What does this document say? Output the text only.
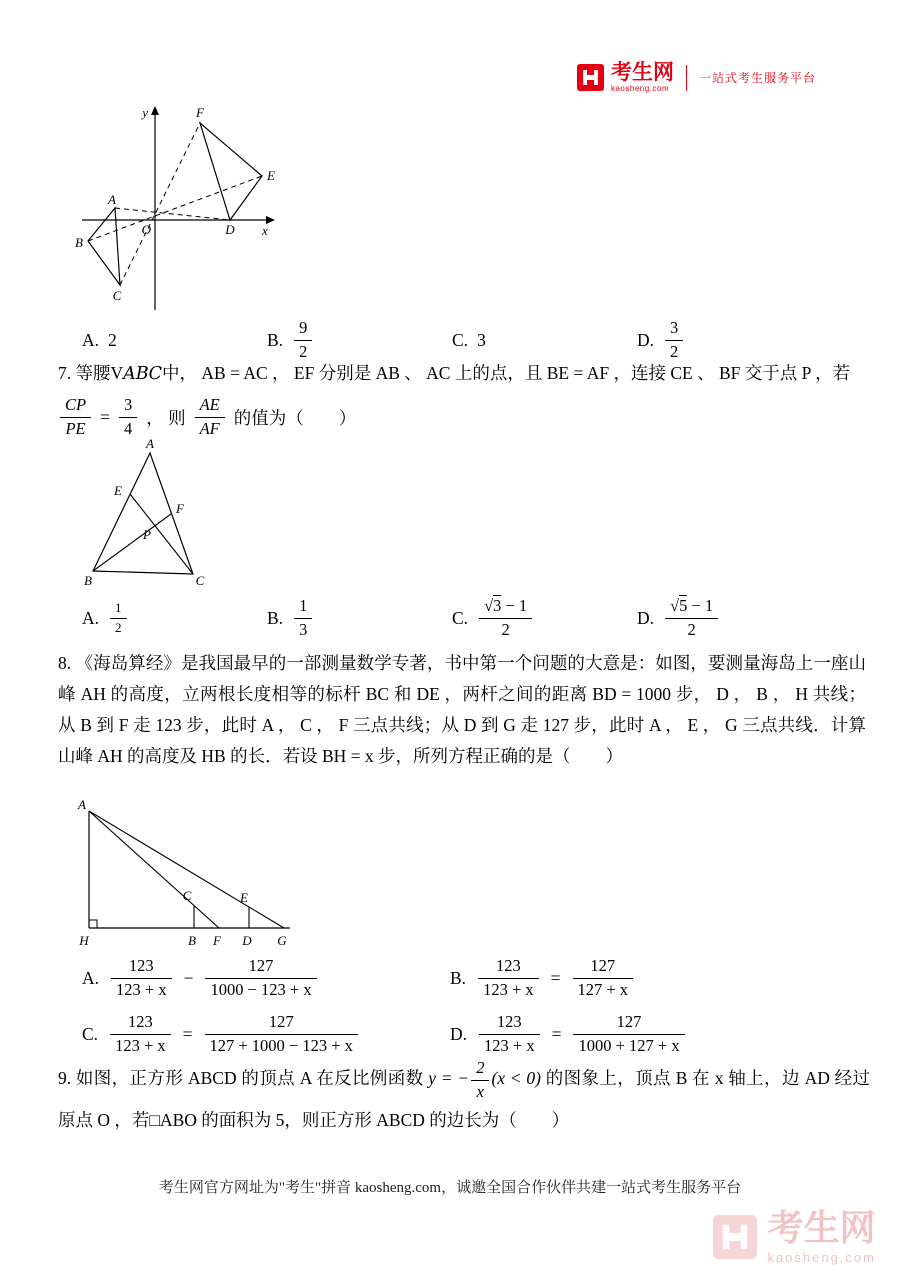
考生网
kaosheng.com
一站式考生服务平台
y
x
O
F
E
D
A
B
C
A. 2	B. $\frac{9}{2}$	C. 3	D. $\frac{3}{2}$

7. 等腰V𝐴𝐵𝐶中， AB = AC ， EF 分别是 AB 、 AC 上的点，且 BE = AF ，连接 CE 、 BF 交于点 P ，若

$\frac{CP}{PE} = \frac{3}{4}$ ， 则 $\frac{AE}{AF}$ 的值为（　　）
A
E
F
P
B	C
A. $\frac{1}{2}$	B. $\frac{1}{3}$	C. $\frac{√3 - 1}{2}$	D. $\frac{√5 - 1}{2}$

8. 《海岛算经》是我国最早的一部测量数学专著，书中第一个问题的大意是：如图，要测量海岛上一座山峰 AH 的高度，立两根长度相等的标杆 BC 和 DE ，两杆之间的距离 BD = 1000 步， D ， B ， H 共线；从 B 到 F 走 123 步，此时 A ， C ， F 三点共线；从 D 到 G 走 127 步，此时 A ， E ， G 三点共线．计算山峰 AH 的高度及 HB 的长．若设 BH = x 步，所列方程正确的是（　　）

A
H	B F D G
C	E
A. $\frac{123}{123 + x} - \frac{127}{1000 - 123 + x}$	B. $\frac{123}{123 + x} = \frac{127}{127 + x}$
C. $\frac{123}{123 + x} = \frac{127}{127 + 1000 - 123 + x}$	D. $\frac{123}{123 + x} = \frac{127}{1000 + 127 + x}$

9. 如图，正方形 ABCD 的顶点 A 在反比例函数 y = − $\frac{2}{x} (x < 0)$ 的图象上，顶点 B 在 x 轴上，边 AD 经过原点 O ，若□ABO 的面积为 5，则正方形 ABCD 的边长为（　　）

考生网官方网址为"考生"拼音 kaosheng.com，诚邀全国合作伙伴共建一站式考生服务平台
考生网
kaosheng.com
